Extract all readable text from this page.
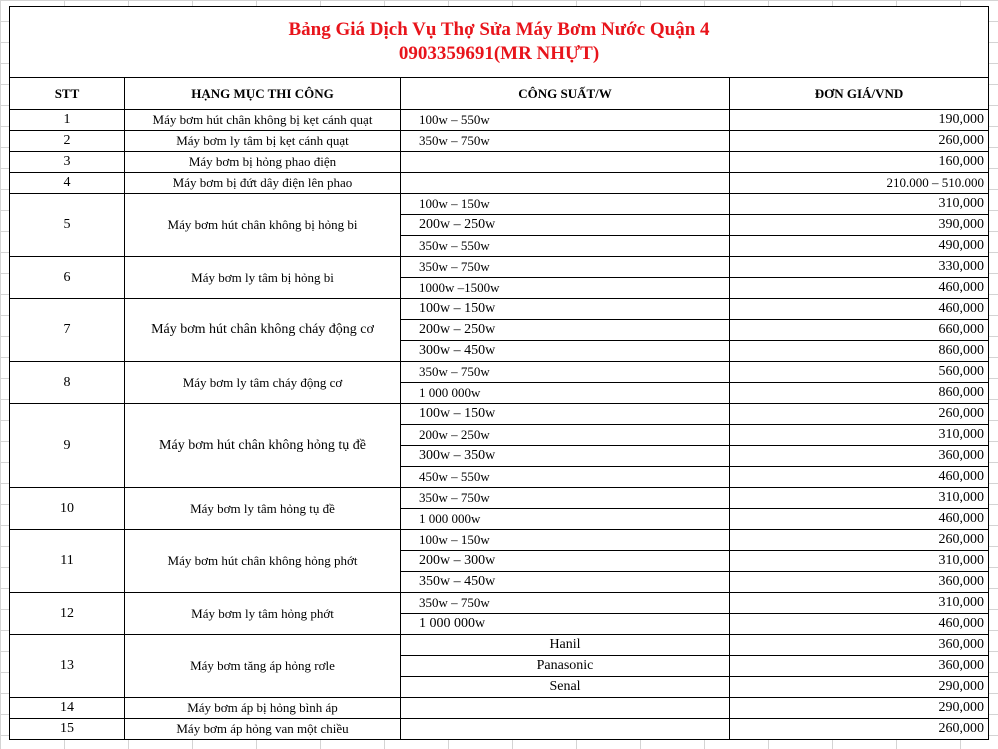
Bảng Giá Dịch Vụ Thợ Sửa Máy Bơm Nước Quận 4
0903359691(MR NHỰT)			

STT	HẠNG MỤC THI CÔNG	CÔNG SUẤT/W	ĐƠN GIÁ/VND
1	Máy bơm hút chân không bị kẹt cánh quạt	100w – 550w	190,000
2	Máy bơm ly tâm bị kẹt cánh quạt	350w – 750w	260,000
3	Máy bơm bị hỏng phao điện		160,000
4	Máy bơm bị đứt dây điện lên phao		210.000 – 510.000
5	Máy bơm hút chân không bị hỏng bi	100w – 150w	310,000
		200w – 250w	390,000
		350w – 550w	490,000
6	Máy bơm ly tâm bị hỏng bi	350w – 750w	330,000
		1000w –1500w	460,000
7	Máy bơm hút chân không cháy động cơ	100w – 150w	460,000
		200w – 250w	660,000
		300w – 450w	860,000
8	Máy bơm ly tâm cháy động cơ	350w – 750w	560,000
		1 000 000w	860,000
9	Máy bơm hút chân không hỏng tụ đề	100w – 150w	260,000
		200w – 250w	310,000
		300w – 350w	360,000
		450w – 550w	460,000
10	Máy bơm ly tâm hỏng tụ đề	350w – 750w	310,000
		1 000 000w	460,000
11	Máy bơm hút chân không hỏng phớt	100w – 150w	260,000
		200w – 300w	310,000
		350w – 450w	360,000
12	Máy bơm ly tâm hỏng phớt	350w – 750w	310,000
		1 000 000w	460,000
13	Máy bơm tăng áp hỏng rơle	Hanil	360,000
		Panasonic	360,000
		Senal	290,000
14	Máy bơm áp bị hỏng bình áp		290,000
15	Máy bơm áp hỏng van một chiều		260,000
